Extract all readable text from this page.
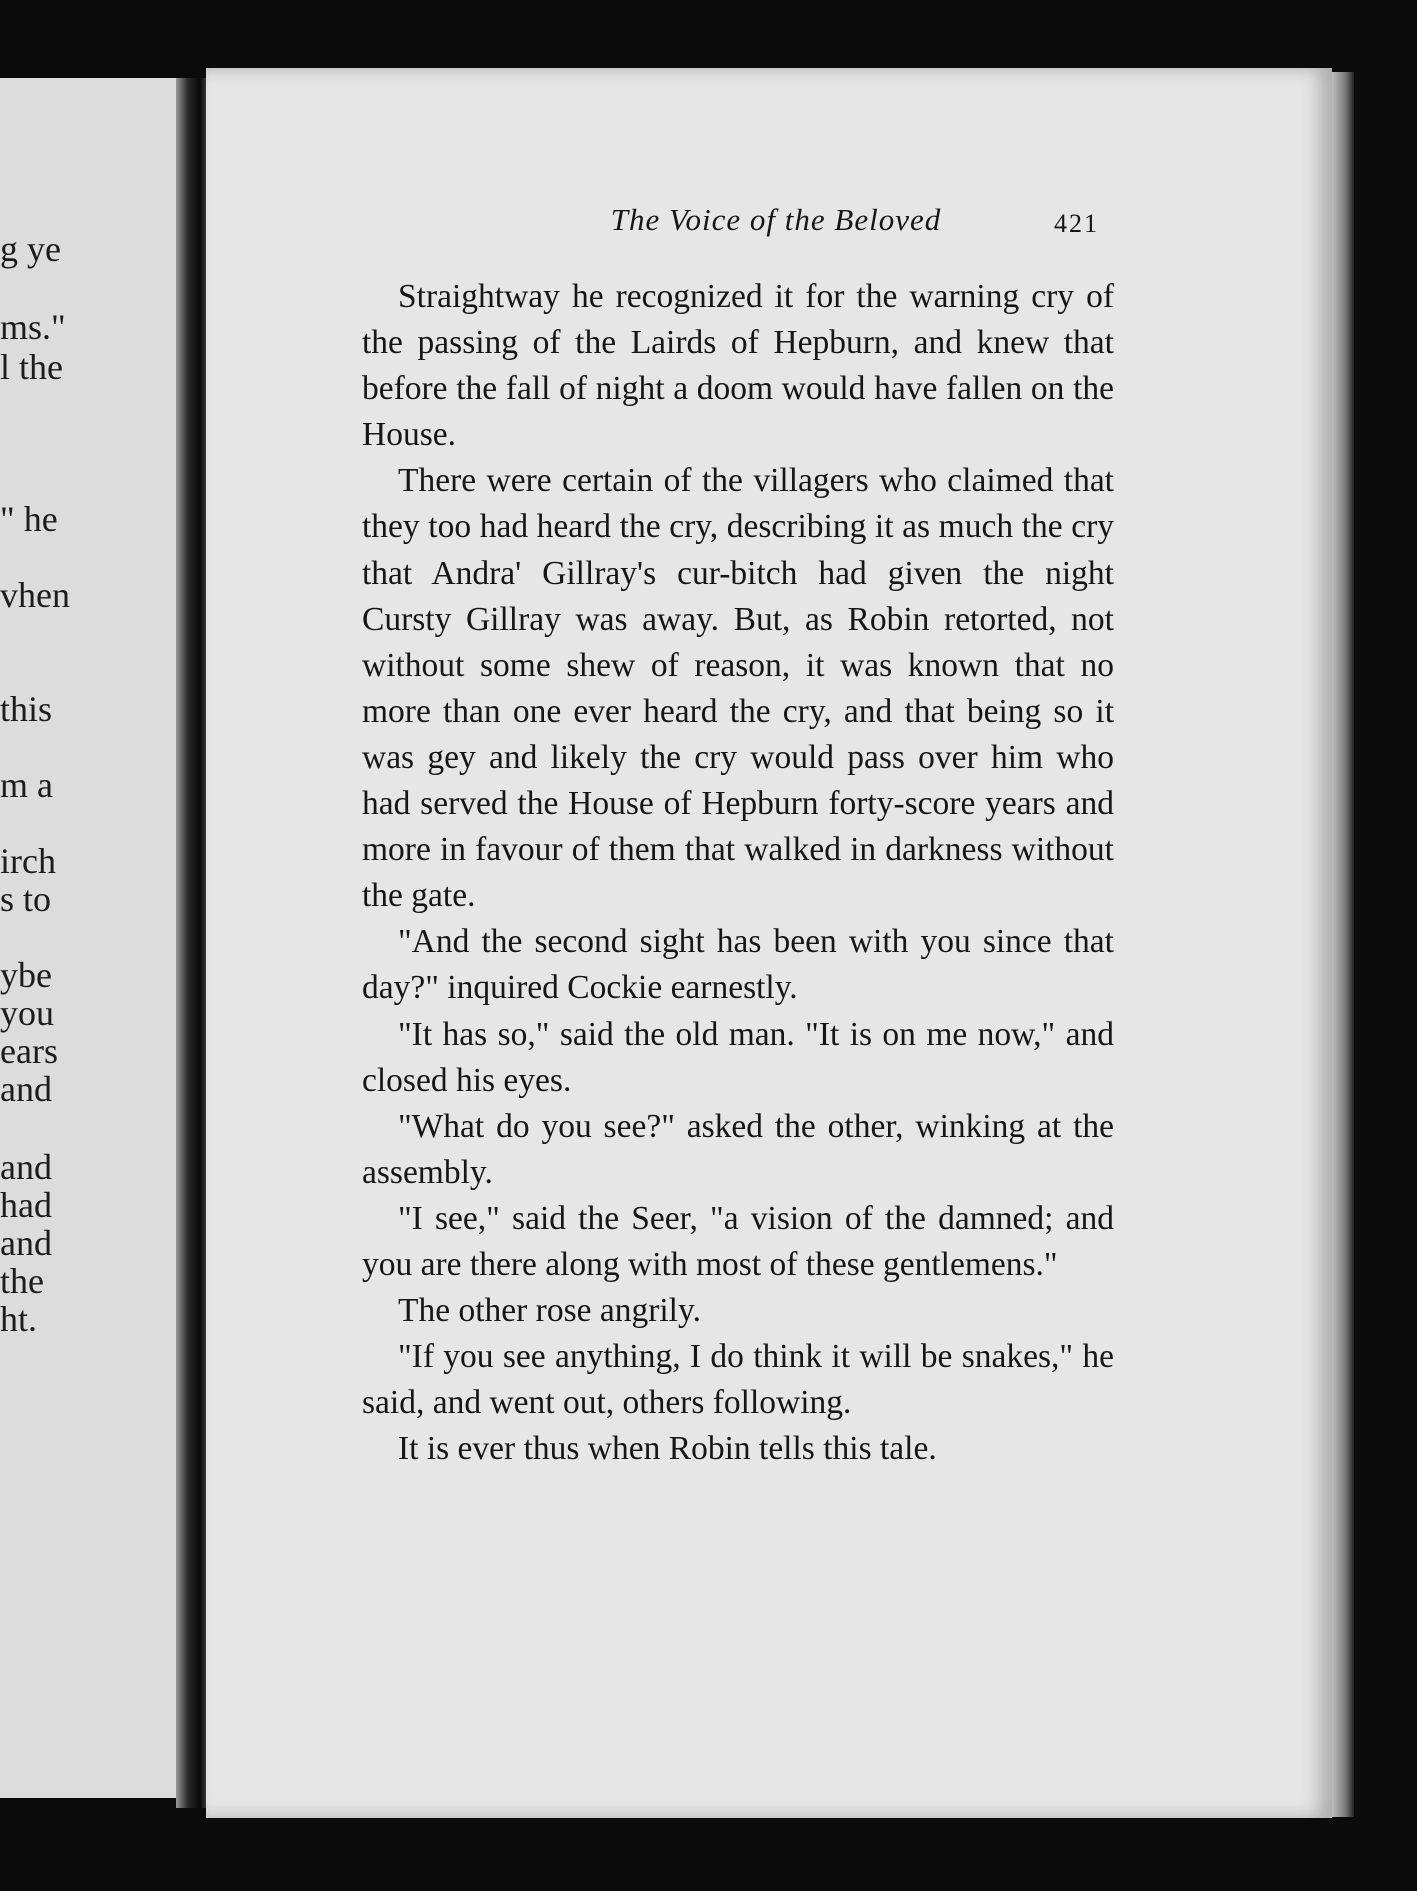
g ye
ms."
l the
" he
vhen
this
m a
irch
s to
ybe
you
ears
and
and
had
and
the
ht.
The Voice of the Beloved	421

Straightway he recognized it for the warning cry of the passing of the Lairds of Hepburn, and knew that before the fall of night a doom would have fallen on the House.

There were certain of the villagers who claimed that they too had heard the cry, describing it as much the cry that Andra' Gillray's cur-bitch had given the night Cursty Gillray was away. But, as Robin retorted, not without some shew of reason, it was known that no more than one ever heard the cry, and that being so it was gey and likely the cry would pass over him who had served the House of Hepburn forty-score years and more in favour of them that walked in darkness without the gate.

"And the second sight has been with you since that day?" inquired Cockie earnestly.

"It has so," said the old man. "It is on me now," and closed his eyes.

"What do you see?" asked the other, winking at the assembly.

"I see," said the Seer, "a vision of the damned; and you are there along with most of these gentlemens."

The other rose angrily.

"If you see anything, I do think it will be snakes," he said, and went out, others following.

It is ever thus when Robin tells this tale.
